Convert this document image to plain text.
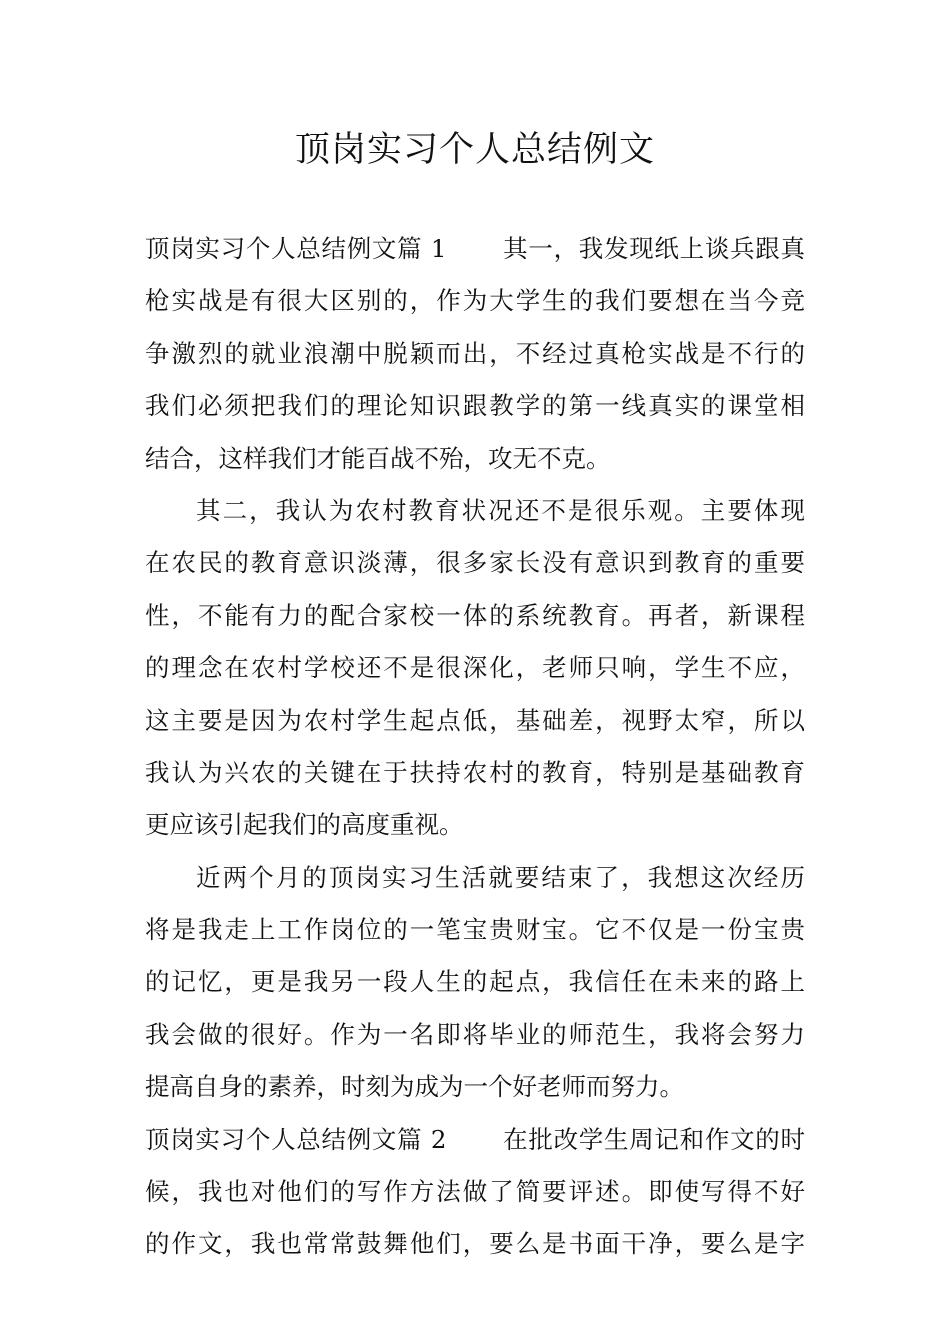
顶岗实习个人总结例文
顶岗实习个人总结例文篇 1 其一，我发现纸上谈兵跟真
枪实战是有很大区别的，作为大学生的我们要想在当今竞
争激烈的就业浪潮中脱颖而出，不经过真枪实战是不行的
我们必须把我们的理论知识跟教学的第一线真实的课堂相
结合，这样我们才能百战不殆，攻无不克。
其二，我认为农村教育状况还不是很乐观。主要体现
在农民的教育意识淡薄，很多家长没有意识到教育的重要
性，不能有力的配合家校一体的系统教育。再者，新课程
的理念在农村学校还不是很深化，老师只响，学生不应，
这主要是因为农村学生起点低，基础差，视野太窄，所以
我认为兴农的关键在于扶持农村的教育，特别是基础教育
更应该引起我们的高度重视。
近两个月的顶岗实习生活就要结束了，我想这次经历
将是我走上工作岗位的一笔宝贵财宝。它不仅是一份宝贵
的记忆，更是我另一段人生的起点，我信任在未来的路上
我会做的很好。作为一名即将毕业的师范生，我将会努力
提高自身的素养，时刻为成为一个好老师而努力。
顶岗实习个人总结例文篇 2 在批改学生周记和作文的时
候，我也对他们的写作方法做了简要评述。即使写得不好
的作文，我也常常鼓舞他们，要么是书面干净，要么是字
